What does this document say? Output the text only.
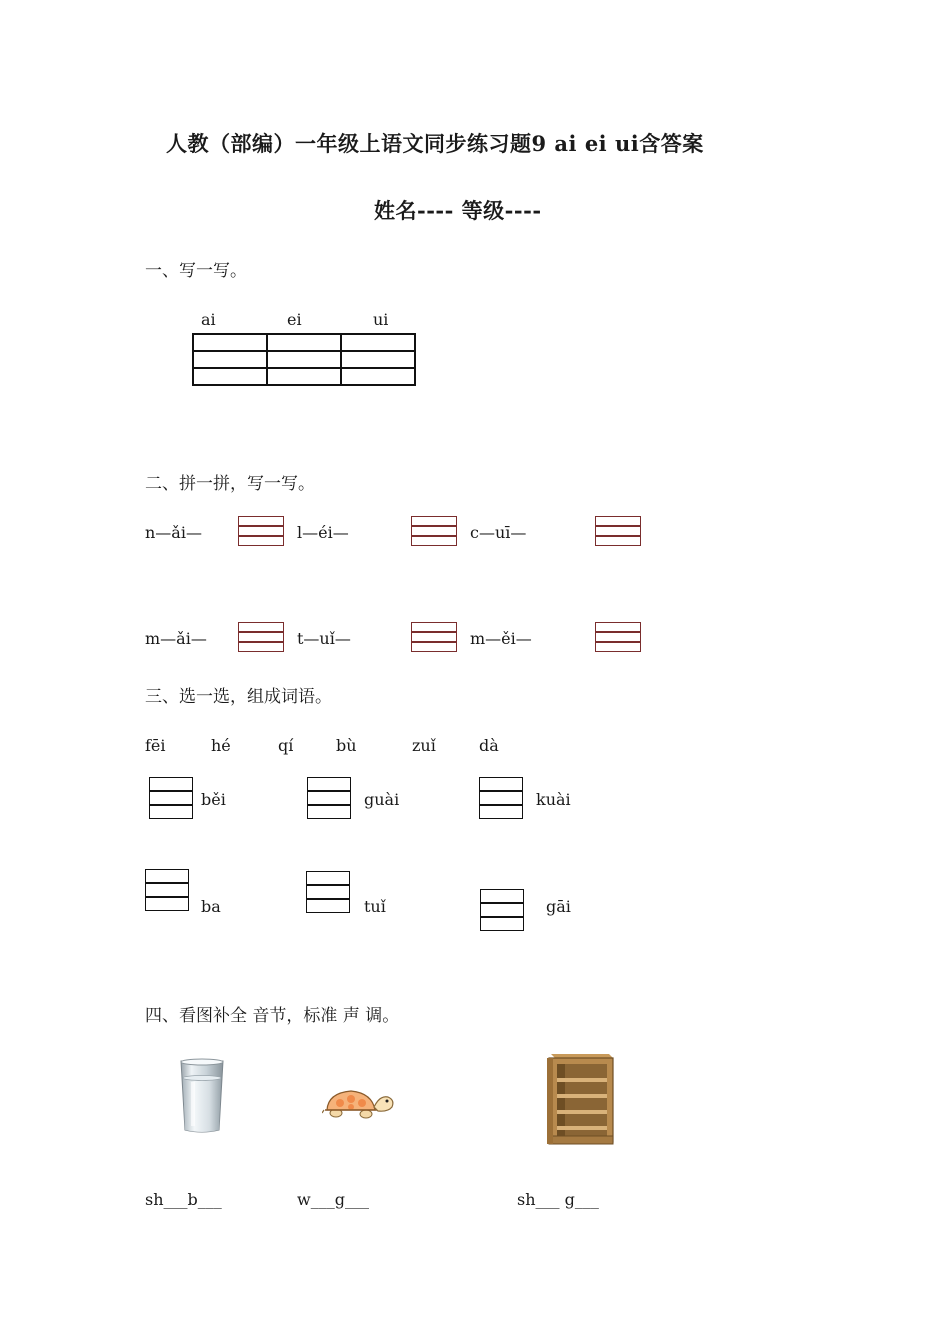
人教（部编）一年级上语文同步练习题9 ai ei ui含答案
姓名---- 等级----
一、写一写。
ai	ei	ui

二、拼一拼，写一写。
n—ǎi—	l—éi—	c—uī—
m—ǎi—	t—uǐ—	m—ěi—
三、选一选，组成词语。
fēi	hé	qí	bù	zuǐ	dà
běi	guài	kuài
ba	tuǐ	gāi
四、看图补全 音节，标准 声 调。
sh___b___	w___g___	sh___ g___
